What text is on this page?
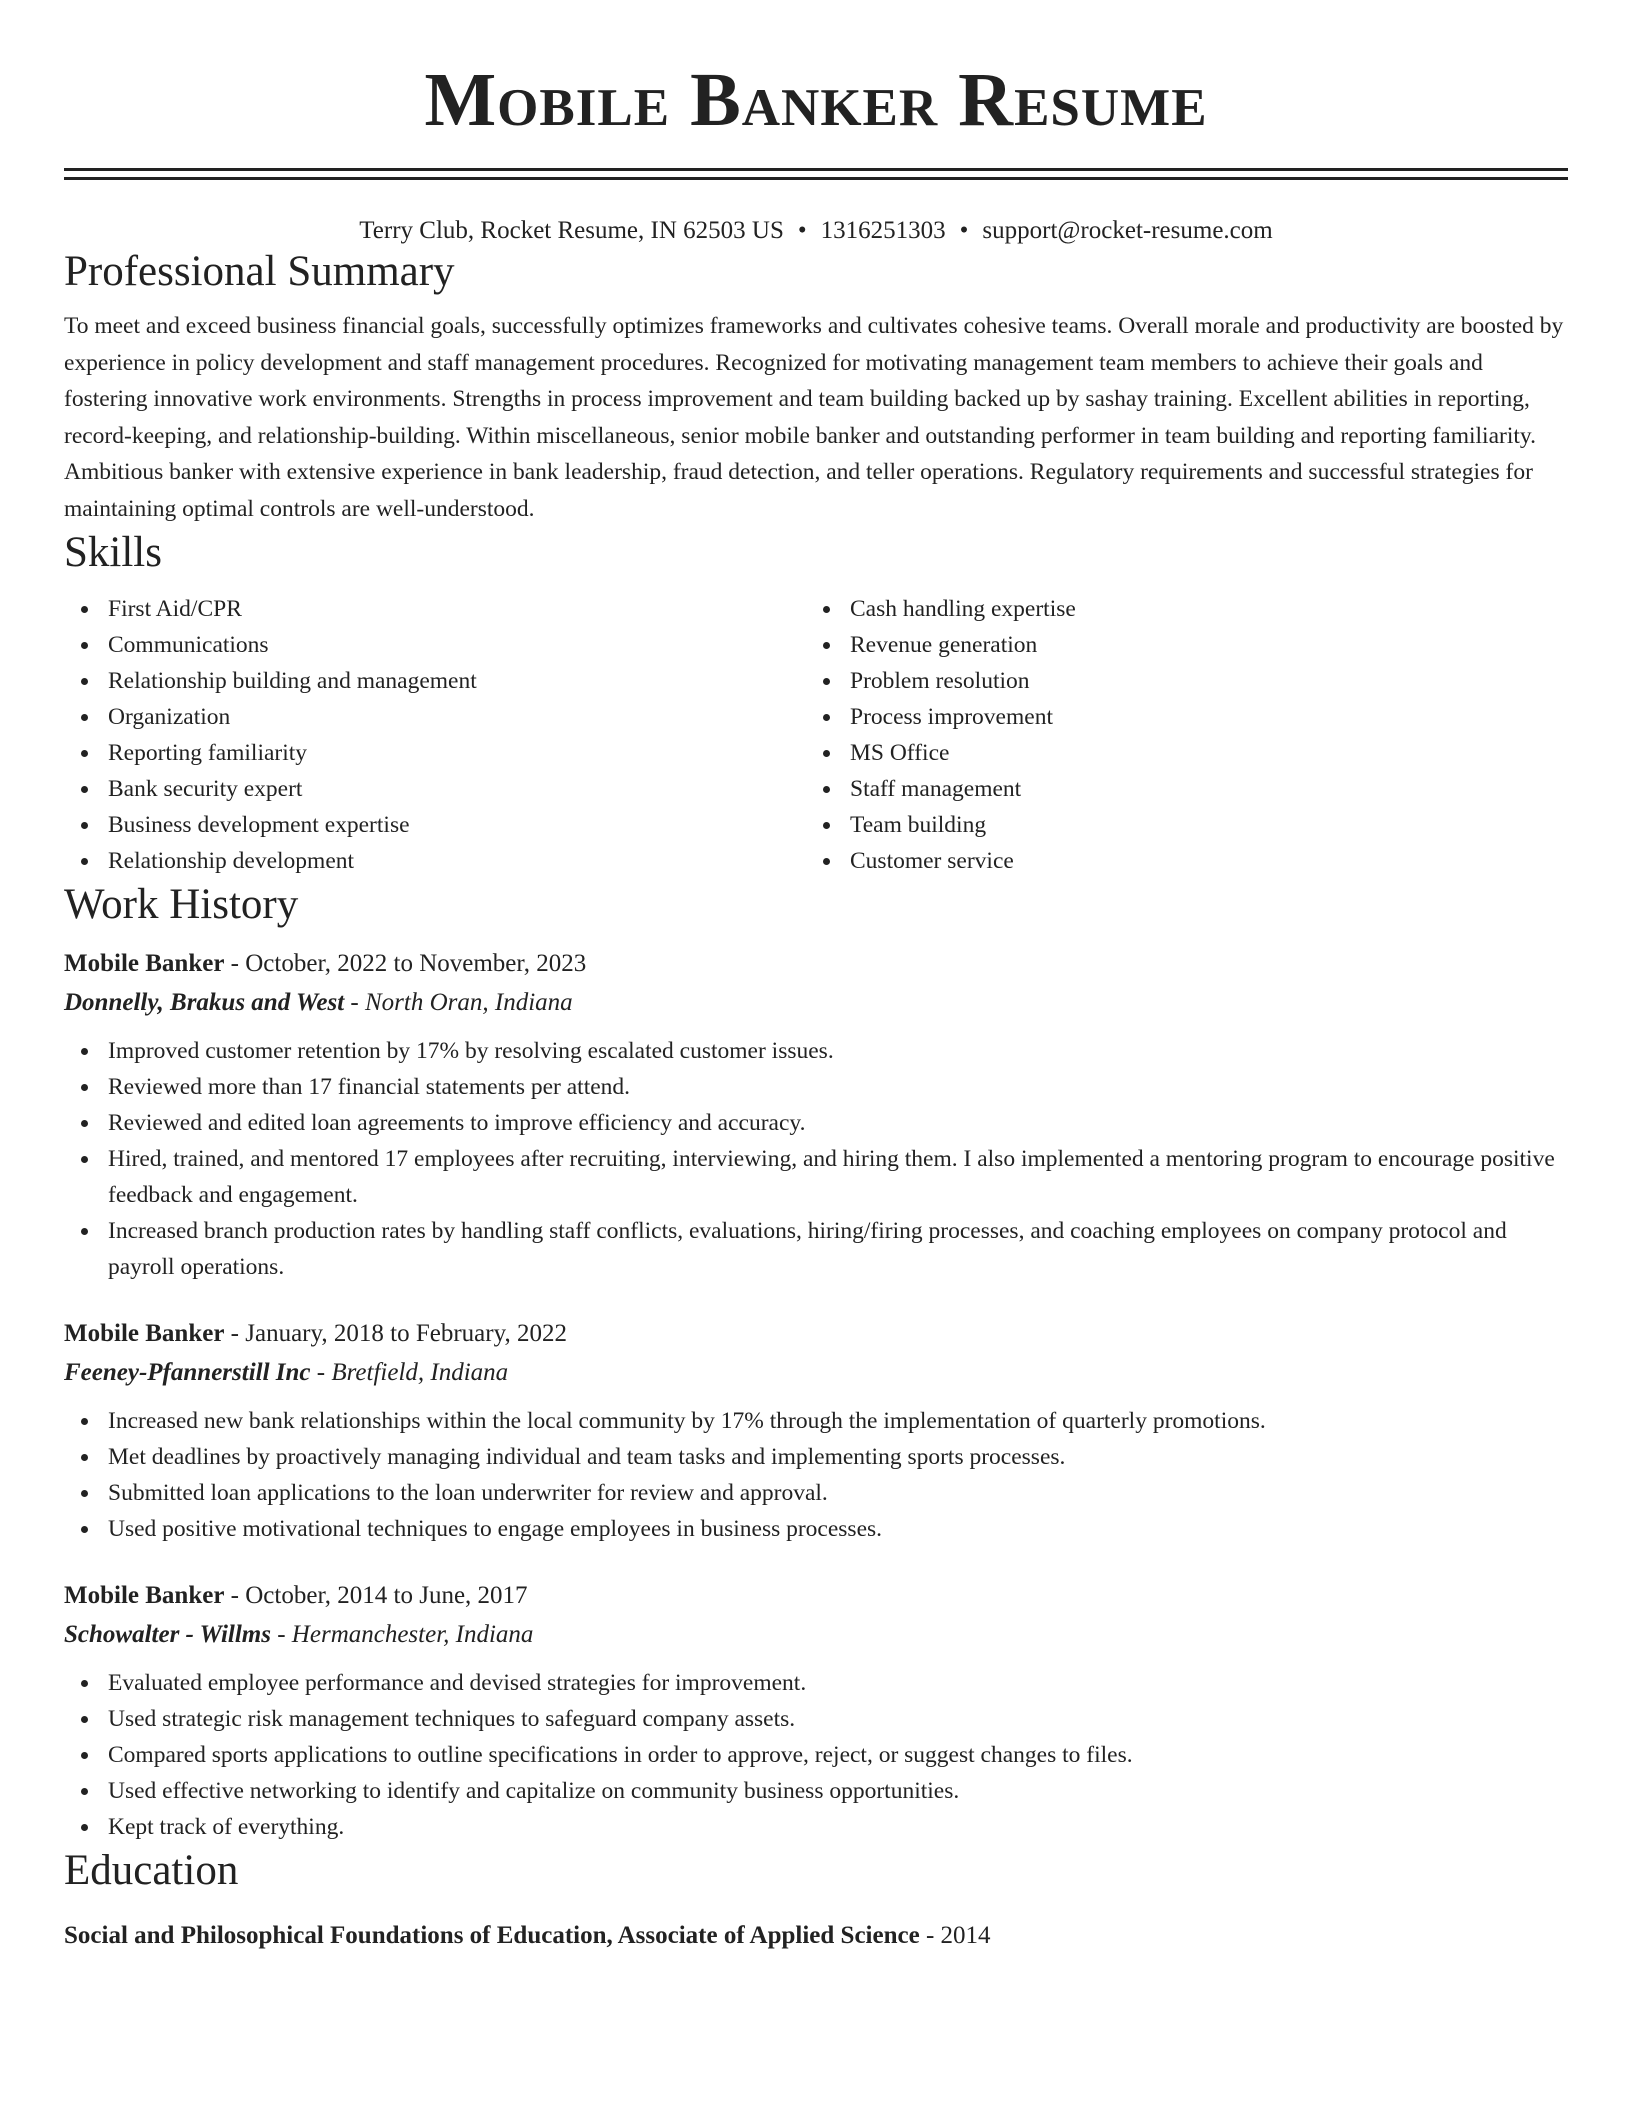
Mobile Banker Resume
Terry Club, Rocket Resume, IN 62503 US • 1316251303 • support@rocket-resume.com
Professional Summary

To meet and exceed business financial goals, successfully optimizes frameworks and cultivates cohesive teams. Overall morale and productivity are boosted by experience in policy development and staff management procedures. Recognized for motivating management team members to achieve their goals and fostering innovative work environments. Strengths in process improvement and team building backed up by sashay training. Excellent abilities in reporting, record-keeping, and relationship-building. Within miscellaneous, senior mobile banker and outstanding performer in team building and reporting familiarity. Ambitious banker with extensive experience in bank leadership, fraud detection, and teller operations. Regulatory requirements and successful strategies for maintaining optimal controls are well-understood.

Skills
First Aid/CPR
Communications
Relationship building and management
Organization
Reporting familiarity
Bank security expert
Business development expertise
Relationship development
Cash handling expertise
Revenue generation
Problem resolution
Process improvement
MS Office
Staff management
Team building
Customer service
Work History
Mobile Banker - October, 2022 to November, 2023
Donnelly, Brakus and West - North Oran, Indiana
Improved customer retention by 17% by resolving escalated customer issues.
Reviewed more than 17 financial statements per attend.
Reviewed and edited loan agreements to improve efficiency and accuracy.
Hired, trained, and mentored 17 employees after recruiting, interviewing, and hiring them. I also implemented a mentoring program to encourage positive feedback and engagement.
Increased branch production rates by handling staff conflicts, evaluations, hiring/firing processes, and coaching employees on company protocol and payroll operations.
Mobile Banker - January, 2018 to February, 2022
Feeney-Pfannerstill Inc - Bretfield, Indiana
Increased new bank relationships within the local community by 17% through the implementation of quarterly promotions.
Met deadlines by proactively managing individual and team tasks and implementing sports processes.
Submitted loan applications to the loan underwriter for review and approval.
Used positive motivational techniques to engage employees in business processes.
Mobile Banker - October, 2014 to June, 2017
Schowalter - Willms - Hermanchester, Indiana
Evaluated employee performance and devised strategies for improvement.
Used strategic risk management techniques to safeguard company assets.
Compared sports applications to outline specifications in order to approve, reject, or suggest changes to files.
Used effective networking to identify and capitalize on community business opportunities.
Kept track of everything.
Education
Social and Philosophical Foundations of Education, Associate of Applied Science - 2014
